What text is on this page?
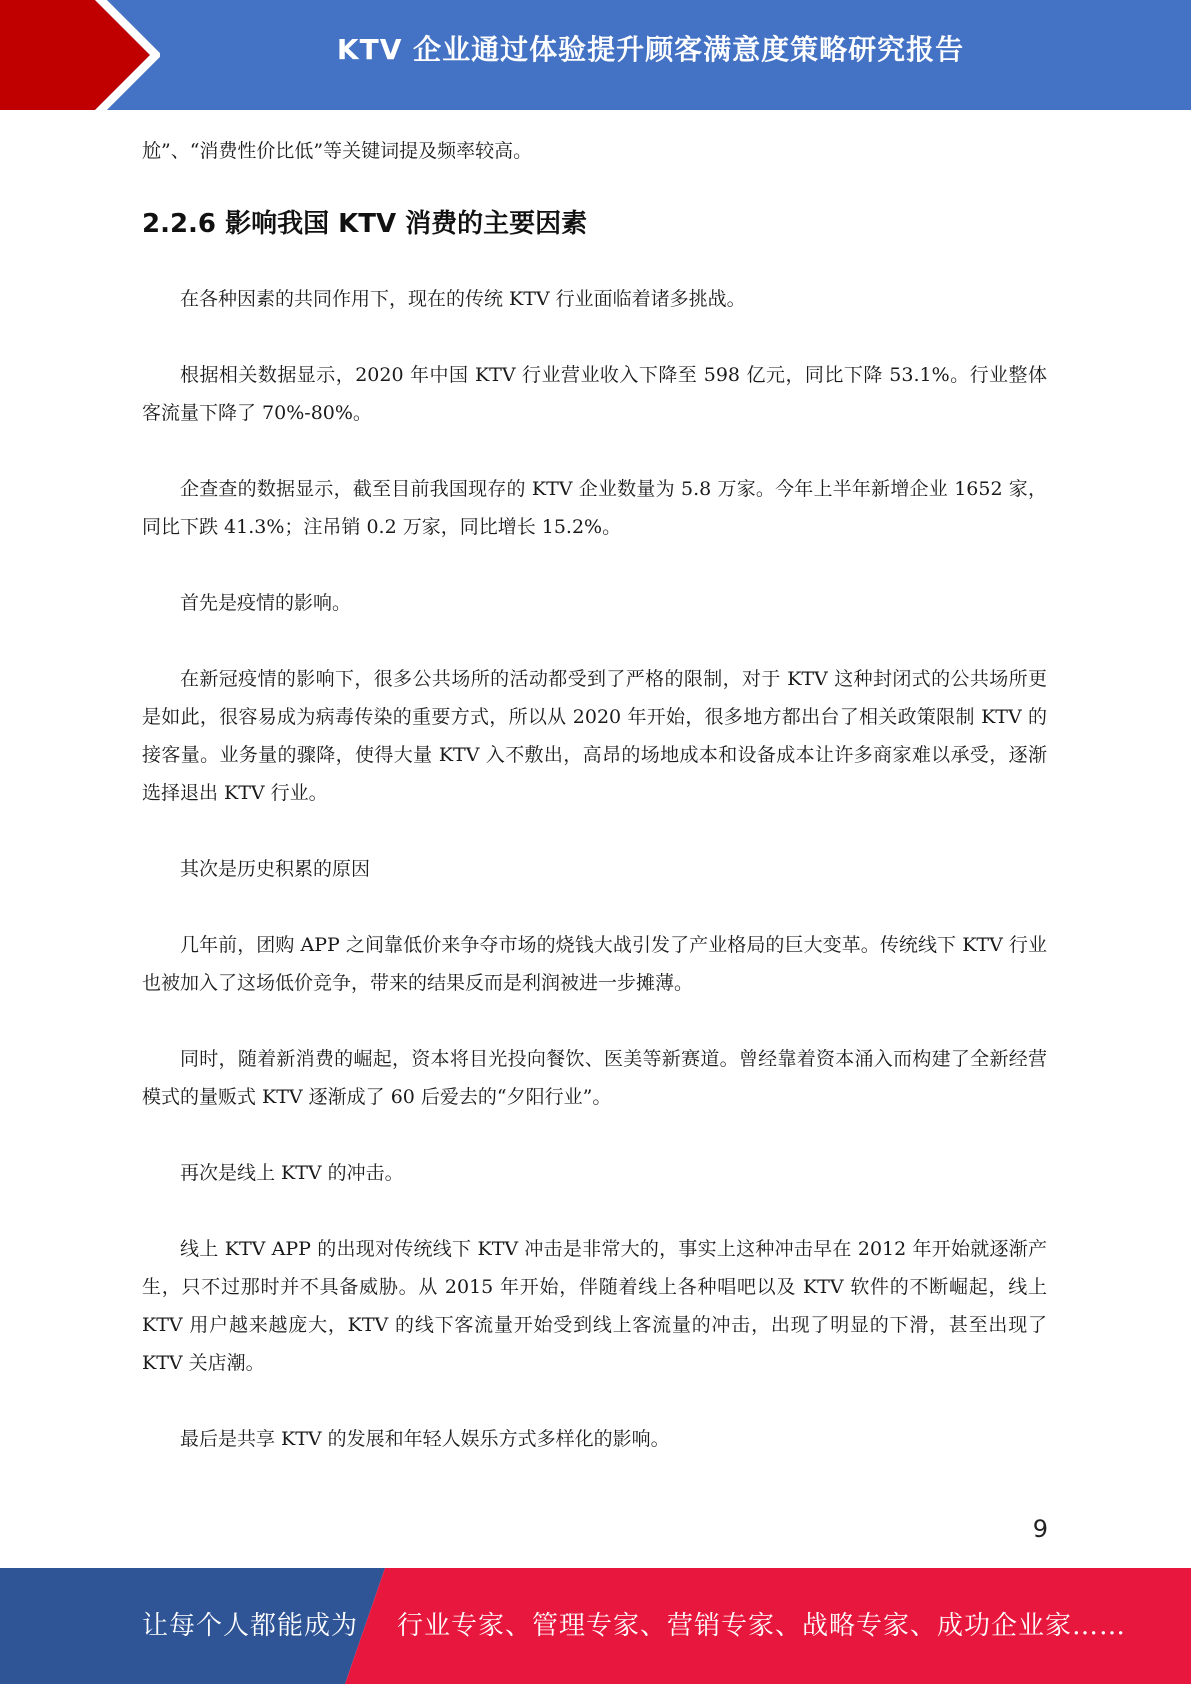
KTV 企业通过体验提升顾客满意度策略研究报告

尬”、“消费性价比低”等关键词提及频率较高。

2.2.6 影响我国 KTV 消费的主要因素

在各种因素的共同作用下，现在的传统 KTV 行业面临着诸多挑战。

根据相关数据显示，2020 年中国 KTV 行业营业收入下降至 598 亿元，同比下降 53.1%。行业整体客流量下降了 70%-80%。

企查查的数据显示，截至目前我国现存的 KTV 企业数量为 5.8 万家。今年上半年新增企业 1652 家，同比下跌 41.3%；注吊销 0.2 万家，同比增长 15.2%。

首先是疫情的影响。

在新冠疫情的影响下，很多公共场所的活动都受到了严格的限制，对于 KTV 这种封闭式的公共场所更是如此，很容易成为病毒传染的重要方式，所以从 2020 年开始，很多地方都出台了相关政策限制 KTV 的接客量。业务量的骤降，使得大量 KTV 入不敷出，高昂的场地成本和设备成本让许多商家难以承受，逐渐选择退出 KTV 行业。

其次是历史积累的原因

几年前，团购 APP 之间靠低价来争夺市场的烧钱大战引发了产业格局的巨大变革。传统线下 KTV 行业也被加入了这场低价竞争，带来的结果反而是利润被进一步摊薄。

同时，随着新消费的崛起，资本将目光投向餐饮、医美等新赛道。曾经靠着资本涌入而构建了全新经营模式的量贩式 KTV 逐渐成了 60 后爱去的“夕阳行业”。

再次是线上 KTV 的冲击。

线上 KTV APP 的出现对传统线下 KTV 冲击是非常大的，事实上这种冲击早在 2012 年开始就逐渐产生，只不过那时并不具备威胁。从 2015 年开始，伴随着线上各种唱吧以及 KTV 软件的不断崛起，线上 KTV 用户越来越庞大，KTV 的线下客流量开始受到线上客流量的冲击，出现了明显的下滑，甚至出现了 KTV 关店潮。

最后是共享 KTV 的发展和年轻人娱乐方式多样化的影响。

9
让每个人都能成为 行业专家、管理专家、营销专家、战略专家、成功企业家……
